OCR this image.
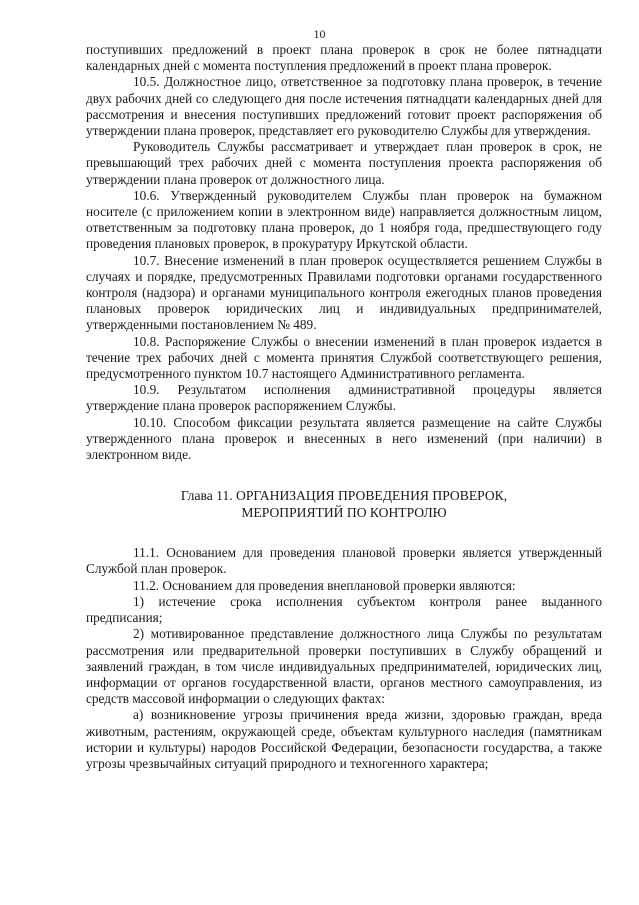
10

поступивших предложений в проект плана проверок в срок не более пятнадцати календарных дней с момента поступления предложений в проект плана проверок.

10.5. Должностное лицо, ответственное за подготовку плана проверок, в течение двух рабочих дней со следующего дня после истечения пятнадцати календарных дней для рассмотрения и внесения поступивших предложений готовит проект распоряжения об утверждении плана проверок, представляет его руководителю Службы для утверждения.

Руководитель Службы рассматривает и утверждает план проверок в срок, не превышающий трех рабочих дней с момента поступления проекта распоряжения об утверждении плана проверок от должностного лица.

10.6. Утвержденный руководителем Службы план проверок на бумажном носителе (с приложением копии в электронном виде) направляется должностным лицом, ответственным за подготовку плана проверок, до 1 ноября года, предшествующего году проведения плановых проверок, в прокуратуру Иркутской области.

10.7. Внесение изменений в план проверок осуществляется решением Службы в случаях и порядке, предусмотренных Правилами подготовки органами государственного контроля (надзора) и органами муниципального контроля ежегодных планов проведения плановых проверок юридических лиц и индивидуальных предпринимателей, утвержденными постановлением № 489.

10.8. Распоряжение Службы о внесении изменений в план проверок издается в течение трех рабочих дней с момента принятия Службой соответствующего решения, предусмотренного пунктом 10.7 настоящего Административного регламента.

10.9. Результатом исполнения административной процедуры является утверждение плана проверок распоряжением Службы.

10.10. Способом фиксации результата является размещение на сайте Службы утвержденного плана проверок и внесенных в него изменений (при наличии) в электронном виде.

Глава 11. ОРГАНИЗАЦИЯ ПРОВЕДЕНИЯ ПРОВЕРОК,

МЕРОПРИЯТИЙ ПО КОНТРОЛЮ

11.1. Основанием для проведения плановой проверки является утвержденный Службой план проверок.

11.2. Основанием для проведения внеплановой проверки являются:

1) истечение срока исполнения субъектом контроля ранее выданного предписания;

2) мотивированное представление должностного лица Службы по результатам рассмотрения или предварительной проверки поступивших в Службу обращений и заявлений граждан, в том числе индивидуальных предпринимателей, юридических лиц, информации от органов государственной власти, органов местного самоуправления, из средств массовой информации о следующих фактах:

а) возникновение угрозы причинения вреда жизни, здоровью граждан, вреда животным, растениям, окружающей среде, объектам культурного наследия (памятникам истории и культуры) народов Российской Федерации, безопасности государства, а также угрозы чрезвычайных ситуаций природного и техногенного характера;
